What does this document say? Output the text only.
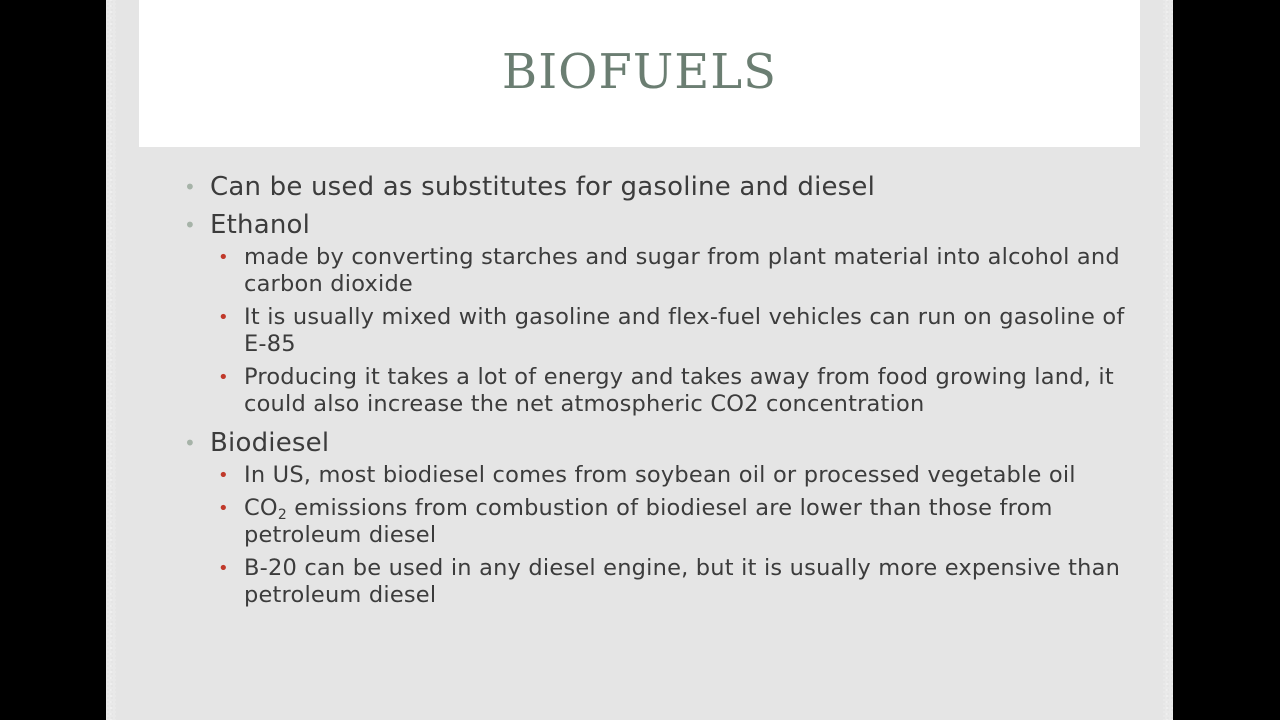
BIOFUELS
• Can be used as substitutes for gasoline and diesel
• Ethanol
• made by converting starches and sugar from plant material into alcohol and carbon dioxide
• It is usually mixed with gasoline and flex-fuel vehicles can run on gasoline of E-85
• Producing it takes a lot of energy and takes away from food growing land, it could also increase the net atmospheric CO2 concentration
• Biodiesel
• In US, most biodiesel comes from soybean oil or processed vegetable oil
• $CO_2$ emissions from combustion of biodiesel are lower than those from petroleum diesel
• B-20 can be used in any diesel engine, but it is usually more expensive than petroleum diesel
